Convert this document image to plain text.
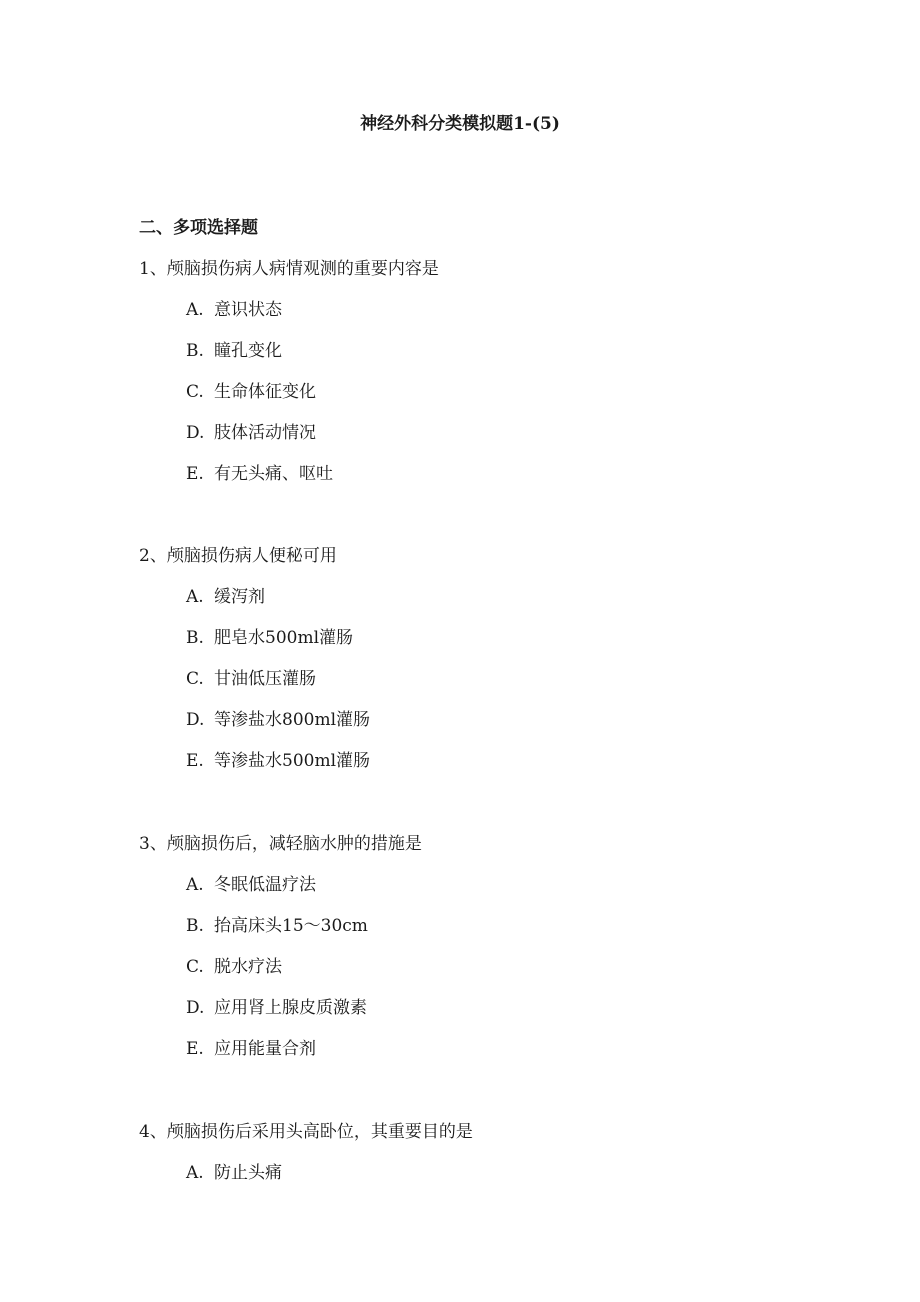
神经外科分类模拟题1-(5)
二、多项选择题
1、颅脑损伤病人病情观测的重要内容是
A. 意识状态
B. 瞳孔变化
C. 生命体征变化
D. 肢体活动情况
E. 有无头痛、呕吐
2、颅脑损伤病人便秘可用
A. 缓泻剂
B. 肥皂水500ml灌肠
C. 甘油低压灌肠
D. 等渗盐水800ml灌肠
E. 等渗盐水500ml灌肠
3、颅脑损伤后，减轻脑水肿的措施是
A. 冬眠低温疗法
B. 抬高床头15～30cm
C. 脱水疗法
D. 应用肾上腺皮质激素
E. 应用能量合剂
4、颅脑损伤后采用头高卧位，其重要目的是
A. 防止头痛
